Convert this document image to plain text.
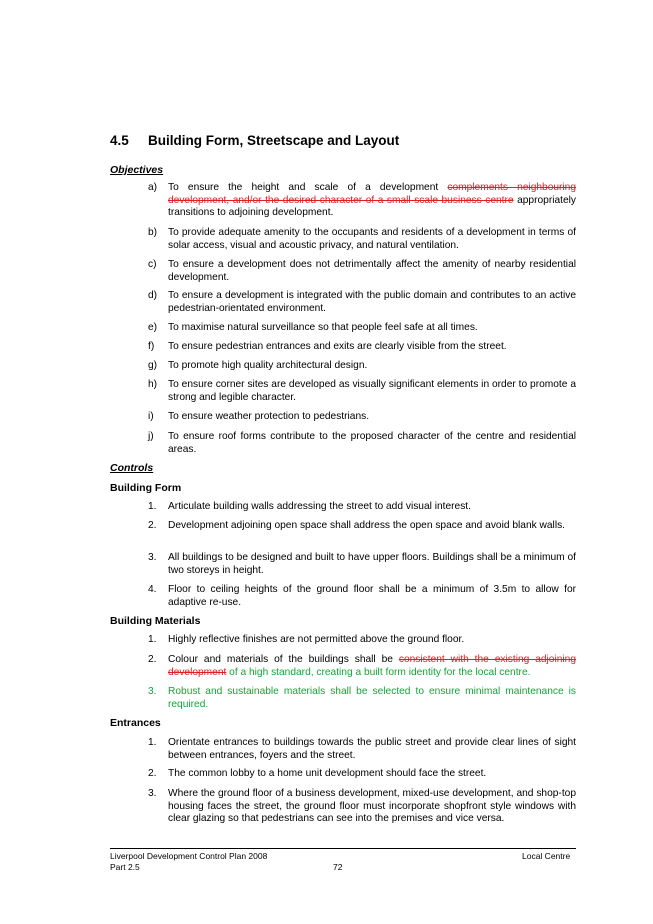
4.5 Building Form, Streetscape and Layout
Objectives
a) To ensure the height and scale of a development complements neighbouring development, and/or the desired character of a small scale business centre appropriately transitions to adjoining development.
b) To provide adequate amenity to the occupants and residents of a development in terms of solar access, visual and acoustic privacy, and natural ventilation.
c) To ensure a development does not detrimentally affect the amenity of nearby residential development.
d) To ensure a development is integrated with the public domain and contributes to an active pedestrian-orientated environment.
e) To maximise natural surveillance so that people feel safe at all times.
f) To ensure pedestrian entrances and exits are clearly visible from the street.
g) To promote high quality architectural design.
h) To ensure corner sites are developed as visually significant elements in order to promote a strong and legible character.
i) To ensure weather protection to pedestrians.
j) To ensure roof forms contribute to the proposed character of the centre and residential areas.
Controls
Building Form
1. Articulate building walls addressing the street to add visual interest.
2. Development adjoining open space shall address the open space and avoid blank walls.
3. All buildings to be designed and built to have upper floors. Buildings shall be a minimum of two storeys in height.
4. Floor to ceiling heights of the ground floor shall be a minimum of 3.5m to allow for adaptive re-use.
Building Materials
1. Highly reflective finishes are not permitted above the ground floor.
2. Colour and materials of the buildings shall be consistent with the existing adjoining development of a high standard, creating a built form identity for the local centre.
3. Robust and sustainable materials shall be selected to ensure minimal maintenance is required.
Entrances
1. Orientate entrances to buildings towards the public street and provide clear lines of sight between entrances, foyers and the street.
2. The common lobby to a home unit development should face the street.
3. Where the ground floor of a business development, mixed-use development, and shop-top housing faces the street, the ground floor must incorporate shopfront style windows with clear glazing so that pedestrians can see into the premises and vice versa.
Liverpool Development Control Plan 2008
Part 2.5	72
Local Centre
